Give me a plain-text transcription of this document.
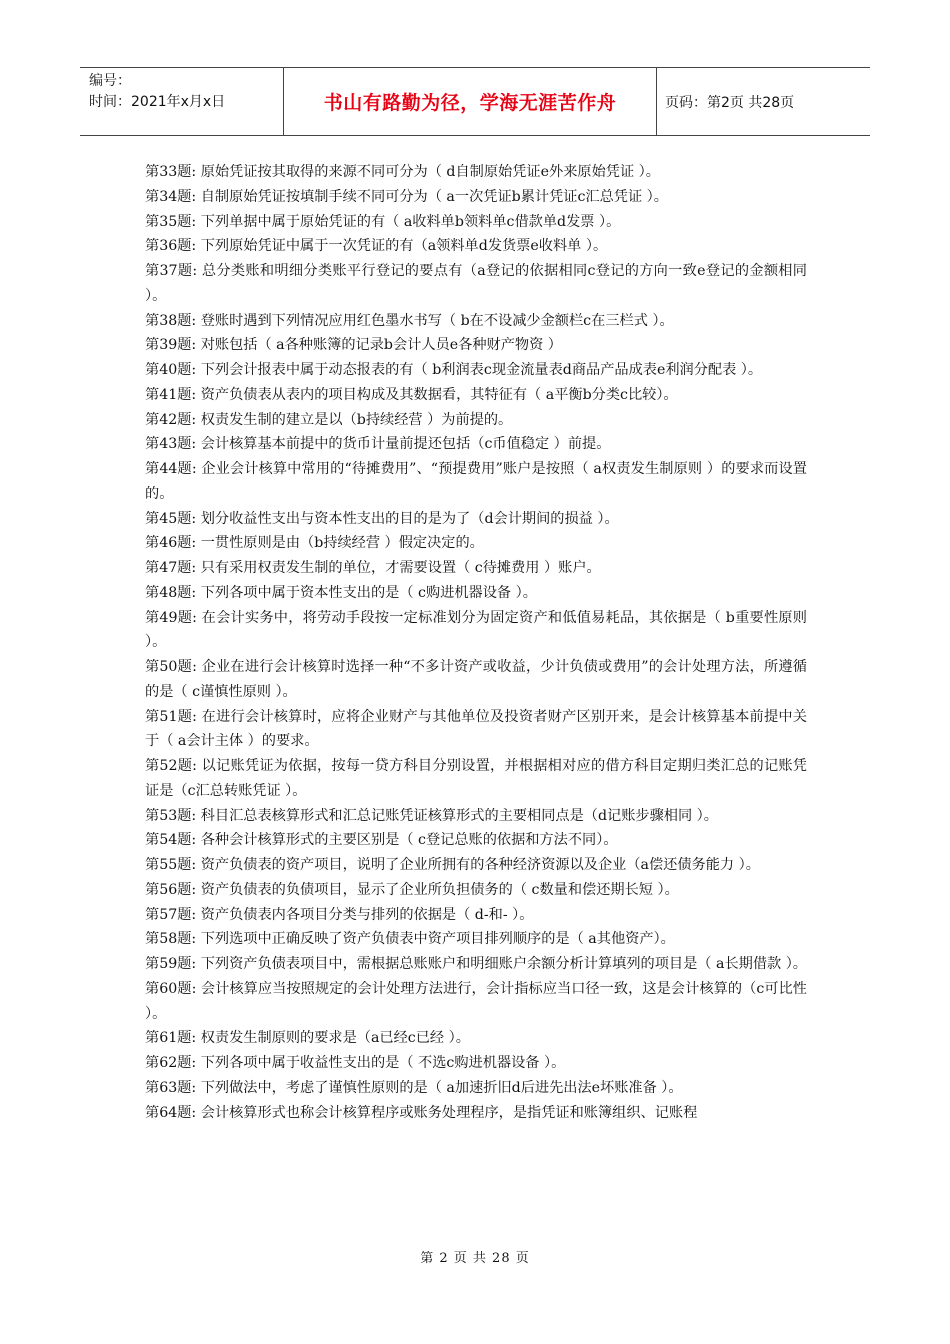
编号：
时间：2021年x月x日	书山有路勤为径，学海无涯苦作舟	页码：第2页 共28页

第33题: 原始凭证按其取得的来源不同可分为（ d自制原始凭证e外来原始凭证 ）。

第34题: 自制原始凭证按填制手续不同可分为（ a一次凭证b累计凭证c汇总凭证 ）。

第35题: 下列单据中属于原始凭证的有（ a收料单b领料单c借款单d发票 ）。

第36题: 下列原始凭证中属于一次凭证的有（a领料单d发货票e收料单 ）。

第37题: 总分类账和明细分类账平行登记的要点有（a登记的依据相同c登记的方向一致e登记的金额相同 ）。

第38题: 登账时遇到下列情况应用红色墨水书写（ b在不设减少金额栏c在三栏式 ）。

第39题: 对账包括（ a各种账簿的记录b会计人员e各种财产物资 ）

第40题: 下列会计报表中属于动态报表的有（ b利润表c现金流量表d商品产品成表e利润分配表 ）。

第41题: 资产负债表从表内的项目构成及其数据看，其特征有（ a平衡b分类c比较）。

第42题: 权责发生制的建立是以（b持续经营 ）为前提的。

第43题: 会计核算基本前提中的货币计量前提还包括（c币值稳定 ）前提。

第44题: 企业会计核算中常用的“待摊费用”、“预提费用”账户是按照（ a权责发生制原则 ）的要求而设置的。

第45题: 划分收益性支出与资本性支出的目的是为了（d会计期间的损益 ）。

第46题: 一贯性原则是由（b持续经营 ）假定决定的。

第47题: 只有采用权责发生制的单位，才需要设置（ c待摊费用 ）账户。

第48题: 下列各项中属于资本性支出的是（ c购进机器设备 ）。

第49题: 在会计实务中，将劳动手段按一定标准划分为固定资产和低值易耗品，其依据是（ b重要性原则 ）。

第50题: 企业在进行会计核算时选择一种“不多计资产或收益，少计负债或费用”的会计处理方法，所遵循的是（ c谨慎性原则 ）。

第51题: 在进行会计核算时，应将企业财产与其他单位及投资者财产区别开来，是会计核算基本前提中关于（ a会计主体 ）的要求。

第52题: 以记账凭证为依据，按每一贷方科目分别设置，并根据相对应的借方科目定期归类汇总的记账凭证是（c汇总转账凭证 ）。

第53题: 科目汇总表核算形式和汇总记账凭证核算形式的主要相同点是（d记账步骤相同 ）。

第54题: 各种会计核算形式的主要区别是（ c登记总账的依据和方法不同）。

第55题: 资产负债表的资产项目，说明了企业所拥有的各种经济资源以及企业（a偿还债务能力 ）。

第56题: 资产负债表的负债项目，显示了企业所负担债务的（ c数量和偿还期长短 ）。

第57题: 资产负债表内各项目分类与排列的依据是（ d-和- ）。

第58题: 下列选项中正确反映了资产负债表中资产项目排列顺序的是（ a其他资产）。

第59题: 下列资产负债表项目中，需根据总账账户和明细账户余额分析计算填列的项目是（ a长期借款 ）。

第60题: 会计核算应当按照规定的会计处理方法进行，会计指标应当口径一致，这是会计核算的（c可比性 ）。

第61题: 权责发生制原则的要求是（a已经c已经 ）。

第62题: 下列各项中属于收益性支出的是（ 不选c购进机器设备 ）。

第63题: 下列做法中，考虑了谨慎性原则的是（ a加速折旧d后进先出法e坏账准备 ）。

第64题: 会计核算形式也称会计核算程序或账务处理程序，是指凭证和账簿组织、记账程

第 2 页 共 28 页
